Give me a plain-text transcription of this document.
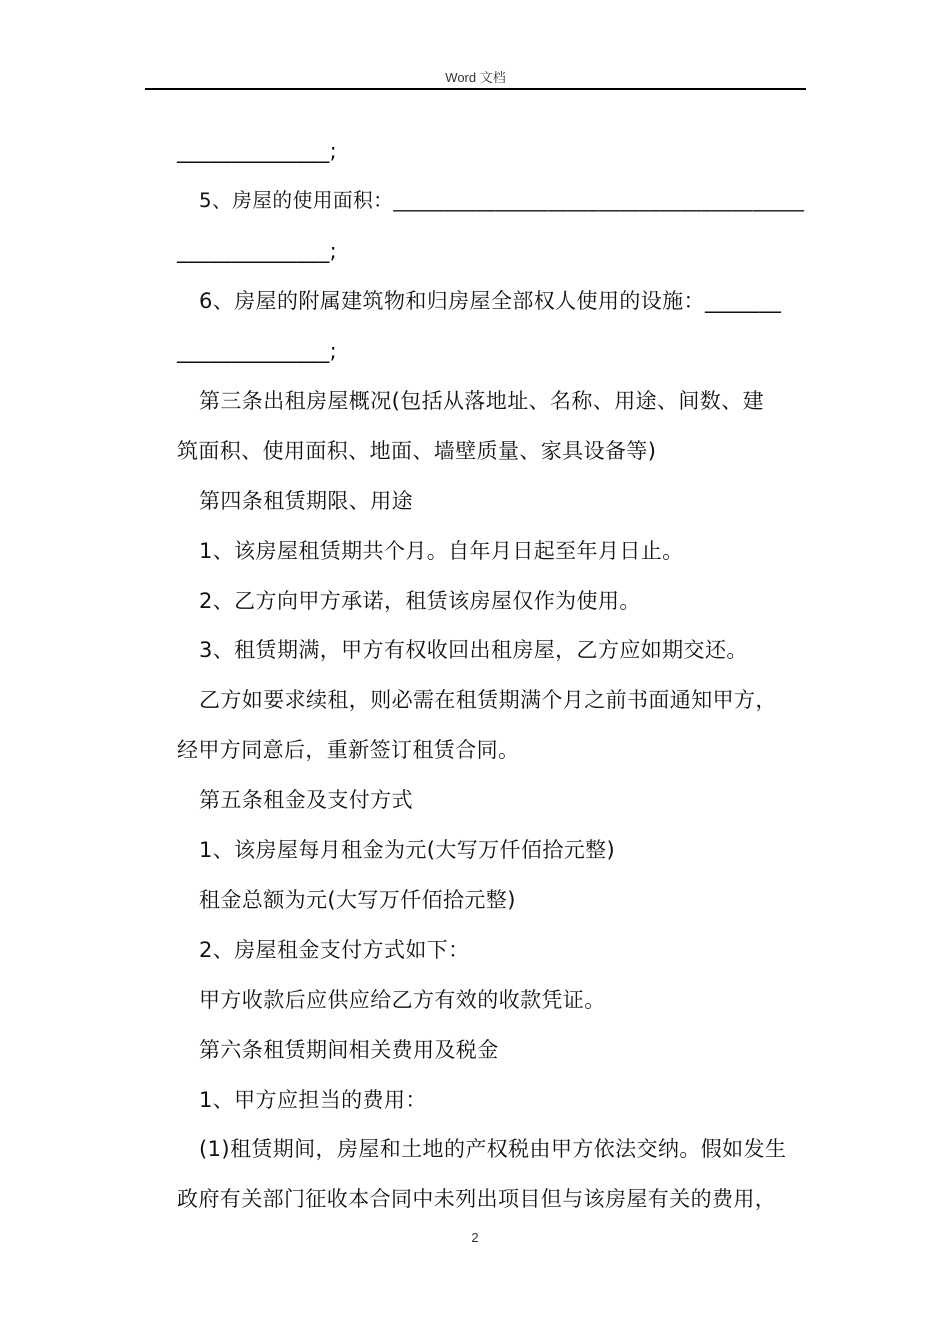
Word 文档
______________;
5、房屋的使用面积：________________________________________
______________;
6、房屋的附属建筑物和归房屋全部权人使用的设施：_______
______________;
第三条出租房屋概况(包括从落地址、名称、用途、间数、建
筑面积、使用面积、地面、墙壁质量、家具设备等)
第四条租赁期限、用途
1、该房屋租赁期共个月。自年月日起至年月日止。
2、乙方向甲方承诺，租赁该房屋仅作为使用。
3、租赁期满，甲方有权收回出租房屋，乙方应如期交还。
乙方如要求续租，则必需在租赁期满个月之前书面通知甲方，
经甲方同意后，重新签订租赁合同。
第五条租金及支付方式
1、该房屋每月租金为元(大写万仟佰拾元整)
租金总额为元(大写万仟佰拾元整)
2、房屋租金支付方式如下：
甲方收款后应供应给乙方有效的收款凭证。
第六条租赁期间相关费用及税金
1、甲方应担当的费用：
(1)租赁期间，房屋和土地的产权税由甲方依法交纳。假如发生
政府有关部门征收本合同中未列出项目但与该房屋有关的费用，
2
